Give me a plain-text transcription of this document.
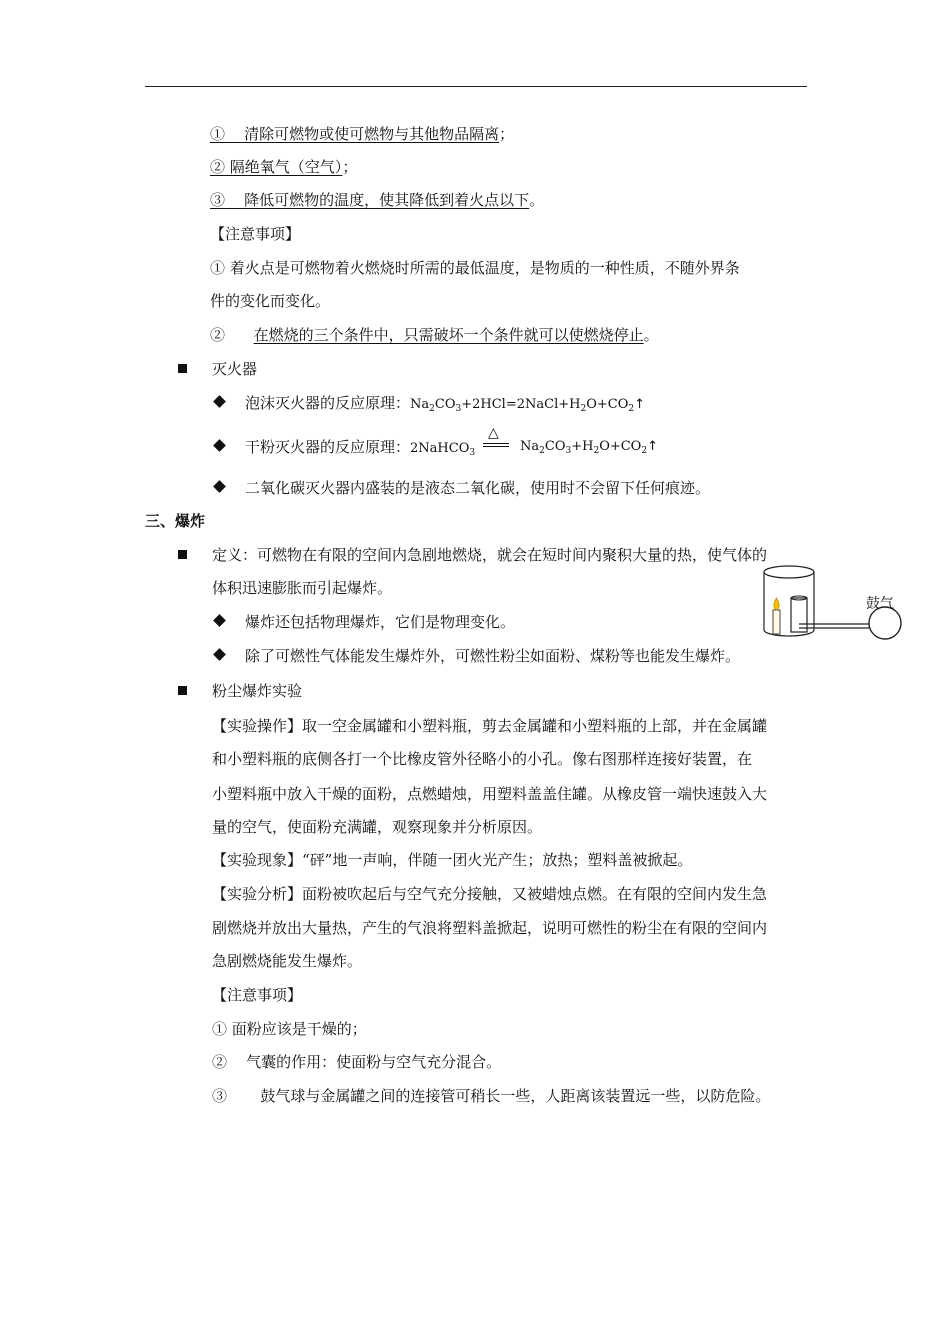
① 清除可燃物或使可燃物与其他物品隔离；
② 隔绝氧气（空气）；
③ 降低可燃物的温度，使其降低到着火点以下。
【注意事项】
① 着火点是可燃物着火燃烧时所需的最低温度，是物质的一种性质，不随外界条
件的变化而变化。
② 在燃烧的三个条件中，只需破坏一个条件就可以使燃烧停止。
灭火器
泡沫灭火器的反应原理：$Na_2CO_3+2HCl=2NaCl+H_2O+CO_2↑$
干粉灭火器的反应原理：2NaHCO$_3$
△
$Na_2CO_3+H_2O+CO_2↑$
二氧化碳灭火器内盛装的是液态二氧化碳，使用时不会留下任何痕迹。
三、爆炸
定义：可燃物在有限的空间内急剧地燃烧，就会在短时间内聚积大量的热，使气体的
体积迅速膨胀而引起爆炸。
爆炸还包括物理爆炸，它们是物理变化。
除了可燃性气体能发生爆炸外，可燃性粉尘如面粉、煤粉等也能发生爆炸。
鼓气
粉尘爆炸实验
【实验操作】取一空金属罐和小塑料瓶，剪去金属罐和小塑料瓶的上部，并在金属罐
和小塑料瓶的底侧各打一个比橡皮管外径略小的小孔。像右图那样连接好装置，在
小塑料瓶中放入干燥的面粉，点燃蜡烛，用塑料盖盖住罐。从橡皮管一端快速鼓入大
量的空气，使面粉充满罐，观察现象并分析原因。
【实验现象】“砰”地一声响，伴随一团火光产生；放热；塑料盖被掀起。
【实验分析】面粉被吹起后与空气充分接触，又被蜡烛点燃。在有限的空间内发生急
剧燃烧并放出大量热，产生的气浪将塑料盖掀起，说明可燃性的粉尘在有限的空间内
急剧燃烧能发生爆炸。
【注意事项】
① 面粉应该是干燥的；
② 气囊的作用：使面粉与空气充分混合。
③ 鼓气球与金属罐之间的连接管可稍长一些，人距离该装置远一些，以防危险。
